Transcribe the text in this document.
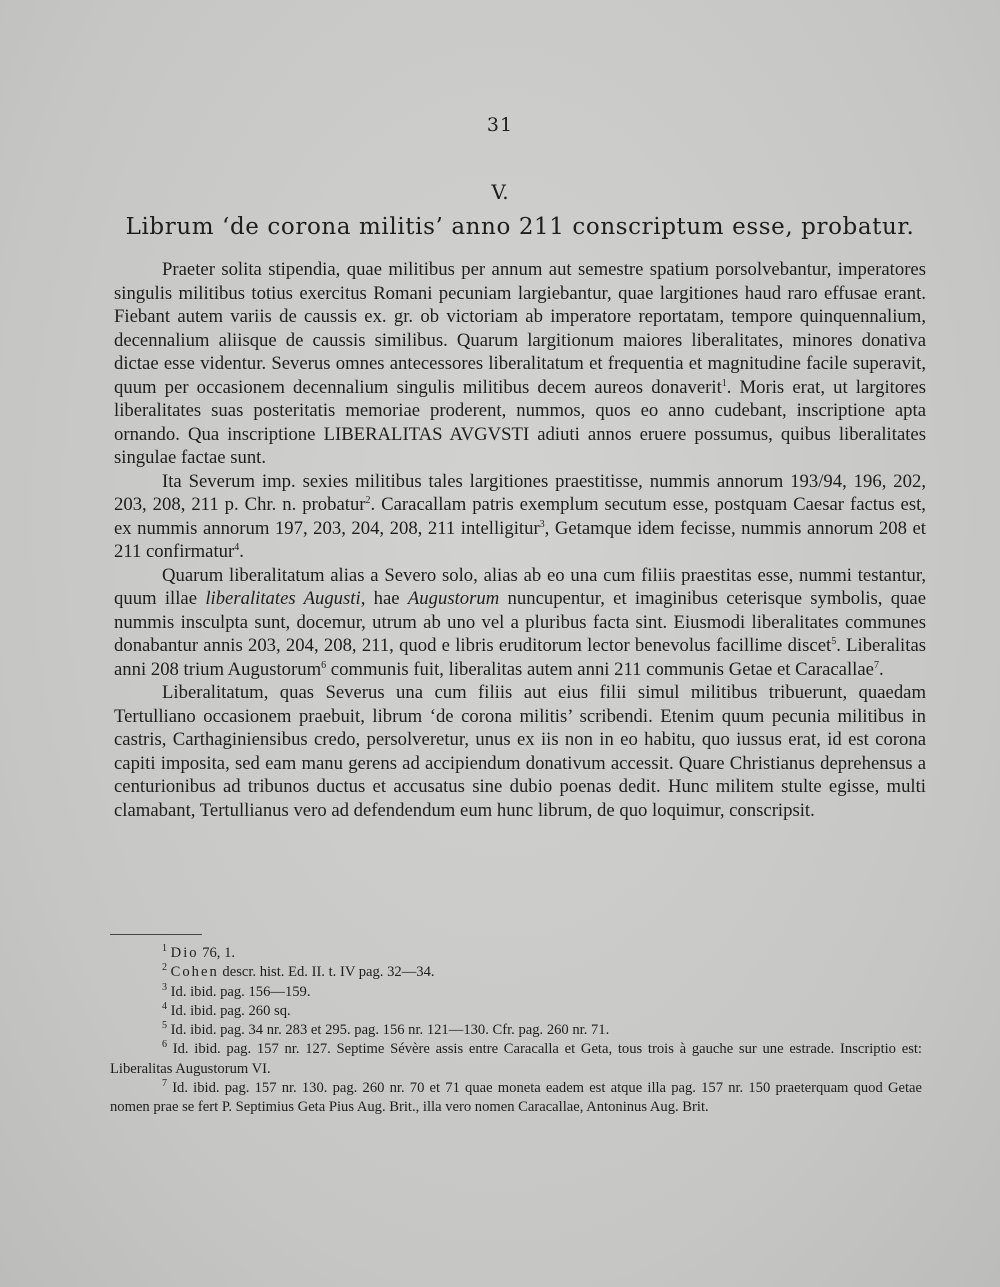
31
V.
Librum ‘de corona militis’ anno 211 conscriptum esse, probatur.

Praeter solita stipendia, quae militibus per annum aut semestre spatium porsolvebantur, imperatores singulis militibus totius exercitus Romani pecuniam largiebantur, quae largitiones haud raro effusae erant. Fiebant autem variis de caussis ex. gr. ob victoriam ab imperatore reportatam, tempore quinquennalium, decennalium aliisque de caussis similibus. Quarum largitionum maiores liberalitates, minores donativa dictae esse videntur. Severus omnes antecessores liberalitatum et frequentia et magnitudine facile superavit, quum per occasionem decennalium singulis militibus decem aureos donaverit$^1$. Moris erat, ut largitores liberalitates suas posteritatis memoriae proderent, nummos, quos eo anno cudebant, inscriptione apta ornando. Qua inscriptione LIBERALITAS AVGVSTI adiuti annos eruere possumus, quibus liberalitates singulae factae sunt.

Ita Severum imp. sexies militibus tales largitiones praestitisse, nummis annorum 193/94, 196, 202, 203, 208, 211 p. Chr. n. probatur$^2$. Caracallam patris exemplum secutum esse, postquam Caesar factus est, ex nummis annorum 197, 203, 204, 208, 211 intelligitur$^3$, Getamque idem fecisse, nummis annorum 208 et 211 confirmatur$^4$.

Quarum liberalitatum alias a Severo solo, alias ab eo una cum filiis praestitas esse, nummi testantur, quum illae liberalitates Augusti, hae Augustorum nuncupentur, et imaginibus ceterisque symbolis, quae nummis insculpta sunt, docemur, utrum ab uno vel a pluribus facta sint. Eiusmodi liberalitates communes donabantur annis 203, 204, 208, 211, quod e libris eruditorum lector benevolus facillime discet$^5$. Liberalitas anni 208 trium Augustorum$^6$ communis fuit, liberalitas autem anni 211 communis Getae et Caracallae$^7$.

Liberalitatum, quas Severus una cum filiis aut eius filii simul militibus tribuerunt, quaedam Tertulliano occasionem praebuit, librum ‘de corona militis’ scribendi. Etenim quum pecunia militibus in castris, Carthaginiensibus credo, persolveretur, unus ex iis non in eo habitu, quo iussus erat, id est corona capiti imposita, sed eam manu gerens ad accipiendum donativum accessit. Quare Christianus deprehensus a centurionibus ad tribunos ductus et accusatus sine dubio poenas dedit. Hunc militem stulte egisse, multi clamabant, Tertullianus vero ad defendendum eum hunc librum, de quo loquimur, conscripsit.

$^1$ Dio 76, 1.

$^2$ Cohen descr. hist. Ed. II. t. IV pag. 32—34.

$^3$ Id. ibid. pag. 156—159.

$^4$ Id. ibid. pag. 260 sq.

$^5$ Id. ibid. pag. 34 nr. 283 et 295. pag. 156 nr. 121—130. Cfr. pag. 260 nr. 71.

$^6$ Id. ibid. pag. 157 nr. 127. Septime Sévère assis entre Caracalla et Geta, tous trois à gauche sur une estrade. Inscriptio est: Liberalitas Augustorum VI.

$^7$ Id. ibid. pag. 157 nr. 130. pag. 260 nr. 70 et 71 quae moneta eadem est atque illa pag. 157 nr. 150 praeterquam quod Getae nomen prae se fert P. Septimius Geta Pius Aug. Brit., illa vero nomen Caracallae, Antoninus Aug. Brit.
